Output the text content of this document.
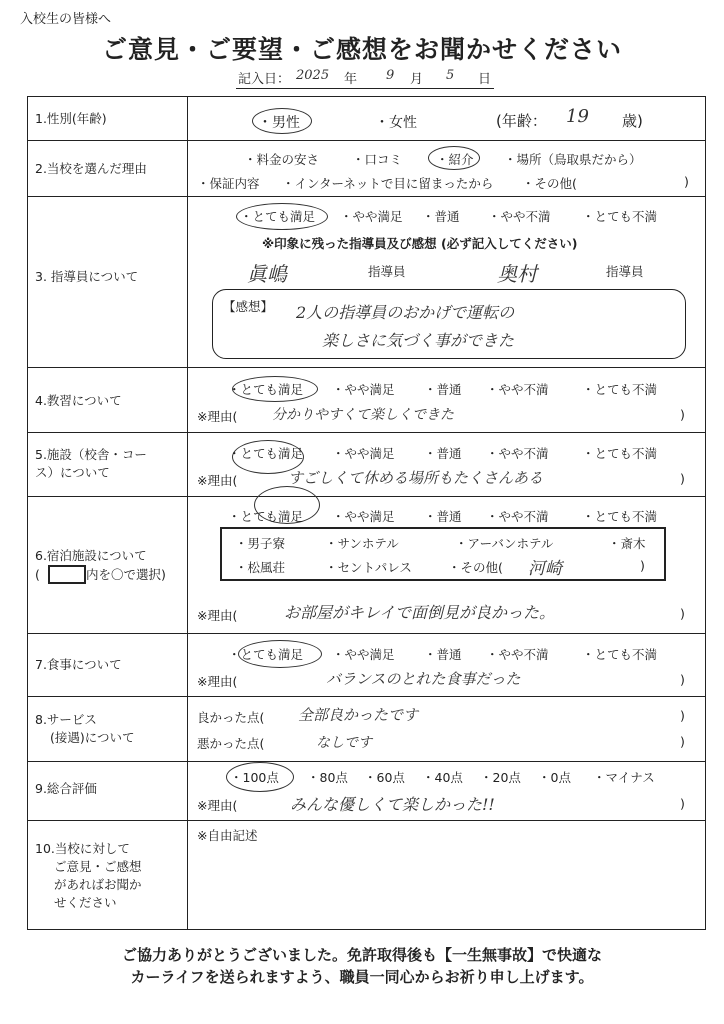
入校生の皆様へ
ご意見・ご要望・ご感想をお聞かせください
記入日： 2025 年 9 月 5 日
1.性別(年齢)	・男性	・女性	(年齢： 19 歳)
2.当校を選んだ理由
・料金の安さ	・口コミ	・紹介 ・場所（鳥取県だから）
・保証内容 ・インターネットで目に留まったから ・その他(	)
3. 指導員について
・とても満足 ・やや満足 ・普通 ・やや不満	・とても不満
※印象に残った指導員及び感想 (必ず記入してください)
眞嶋	指導員	奥村	指導員
【感想】 2人の指導員のおかげで運転の
楽しさに気づく事ができた
4.教習について
・とても満足 ・やや満足 ・普通 ・やや不満	・とても不満
※理由( 分かりやすくて楽しくできた	)
5.施設（校舎・コー
ス）について
・とても満足 ・やや満足 ・普通 ・やや不満	・とても不満
※理由(	すごしくて休める場所もたくさんある	)
6.宿泊施設について
(	内を〇で選択)
・とても満足 ・やや満足 ・普通 ・やや不満	・とても不満
・男子寮	・サンホテル	・アーバンホテル	・斎木
・松風荘	・セントパレス	・その他( 河崎	)
※理由(	お部屋がキレイで面倒見が良かった。	)
7.食事について
・とても満足 ・やや満足 ・普通 ・やや不満	・とても不満
※理由(	バランスのとれた食事だった	)
8.サービス
(接遇)について
良かった点( 全部良かったです	)
悪かった点(	なしです	)
9.総合評価
・100点 ・80点 ・60点 ・40点 ・20点 ・0点 ・マイナス
※理由(	みんな優しくて楽しかった!!	)
10.当校に対して
ご意見・ご感想
があればお聞か
せください
※自由記述
ご協力ありがとうございました。免許取得後も【一生無事故】で快適な
カーライフを送られますよう、職員一同心からお祈り申し上げます。
